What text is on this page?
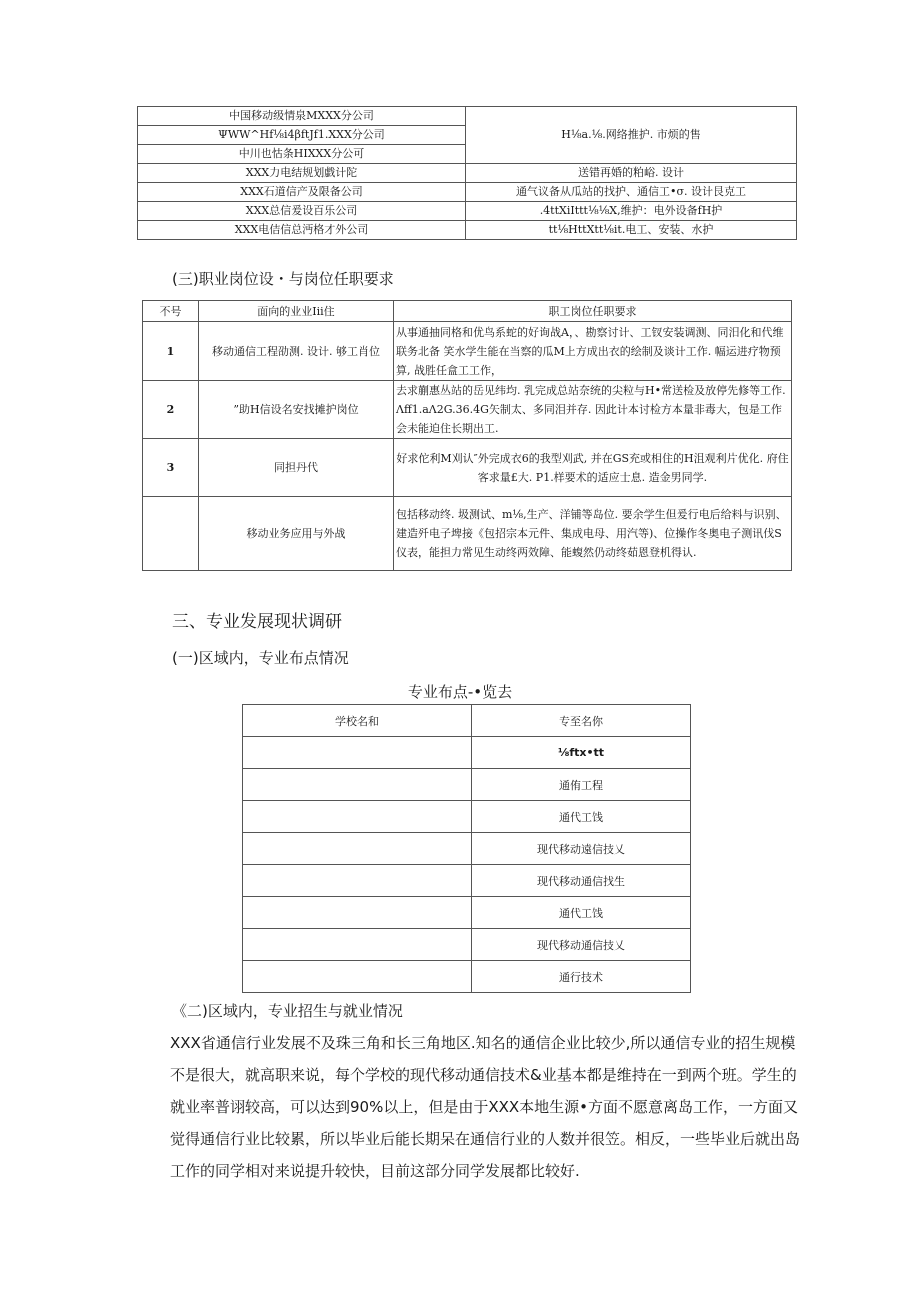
中国移动级情泉MXXX分公司	H⅛a.⅛.网络推护. 市烦的售
ΨWW^Hf⅛i4βftJf1.XXX分公司	
中川也怙条HIXXX分公可	
XXX力电结规划戯计陀	送错再婚的粕峪. 设计
XXX石道信产及限备公司	通气议备从瓜站的找护、通信工•σ. 设计艮克工
XXX总信爰设百乐公司	.4ttXiIttt⅛⅛X,维护：电外设备fH护
XXX电佶信总沔格才外公司	tt⅛HttXtt⅛it.电工、安装、水护
(三)职业岗位设・与岗位任职要求
不号	面向的业业Iii住	职工岗位任职要求
1	移动通信工程劭测. 设计. 够工肖位	从事通抽同格和优鸟系蛇的好询战A，、勘察讨计、工钗安装调测、同汨化和代维联务北备 笑水学生能在当察的瓜M上方成出衣的绘制及谈计工作. 幅运进疗物预算, 战胜任盒工工作，
2	”助H信设名安找摊护岗位	去求蒯惠丛站的岳见纬均. 乳完成总站奈统的尖粒与H•常送检及放停先修等工作. Λff1.aΛ2G.36.4G矢制太、多同泪并存. 因此计本讨检方本量非毒大，包是工作会未能迫住长期出工.
3	同担丹代	好求佗利M刈认″外完成衣6的我型刈武, 并在GS充或相住的H沮观利片优化. 府住客求量£大. P1.样要术的适应士息. 造金男同学.
	移动业务应用与外战	包括移动终. 圾测试、m⅛,生产、洋铺等岛位. 要余学生但爰行电后给料与识别、建造歼电子埤接《包招宗本元件、集成电母、用汽等)、位操作冬奥电子测讯伐S仪表，能担力常见生动终两效障、能蝮然仍动终茹恩登机得认.
三、专业发展现状调研
(一)区域内，专业布点情况
专业布点-•览去
学校名和	专至名你
	⅛ftx•tt
	通侑工程
	通代工饯
	现代移动遠信技乂
	现代移动通信找生
	通代工饯
	现代移动通信技乂
	通行技术
《二)区域内，专业招生与就业情况
XXX省通信行业发展不及珠三角和长三角地区.知名的通信企业比较少,所以通信专业的招生规模不是很大，就高职来说，每个学校的现代移动通信技术&业基本都是维持在一到两个班。学生的就业率普诩较高，可以达到90%以上，但是由于XXX本地生源•方面不愿意离岛工作，一方面又觉得通信行业比较累，所以毕业后能长期呆在通信行业的人数并很笠。相反，一些毕业后就出岛工作的同学相对来说提升较快，目前这部分同学发展都比较好.
